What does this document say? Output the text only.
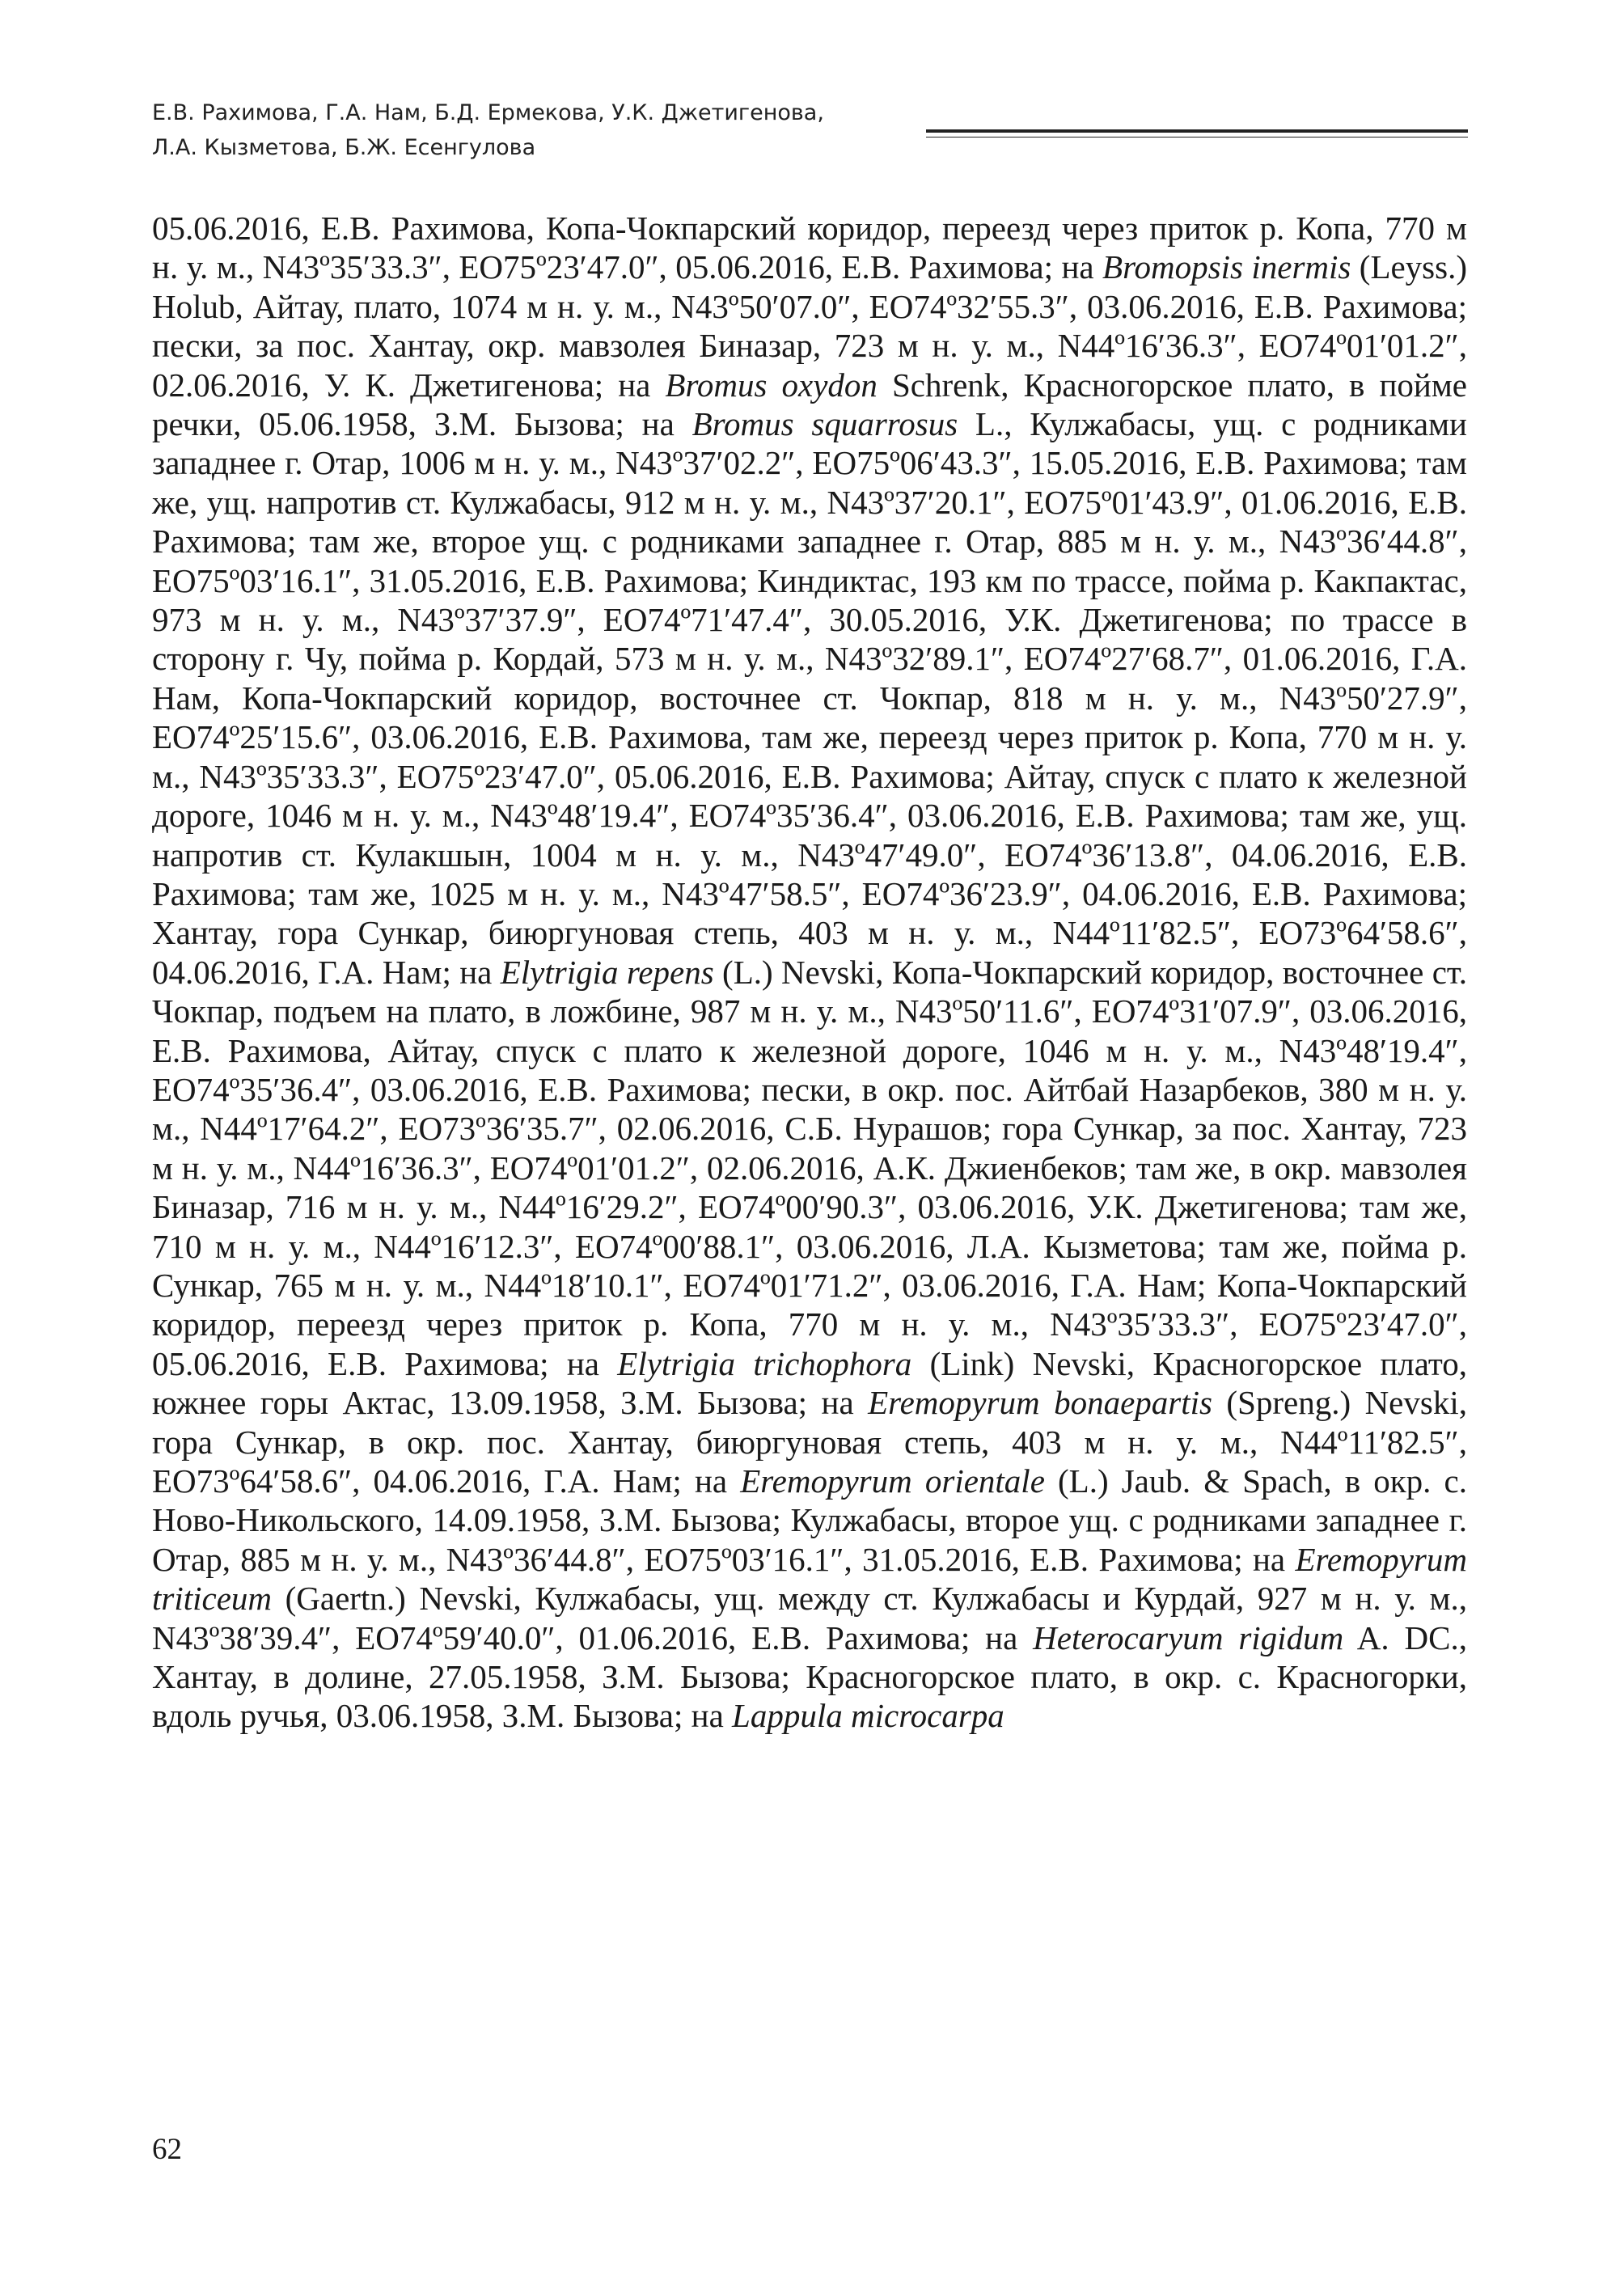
Е.В. Рахимова, Г.А. Нам, Б.Д. Ермекова, У.К. Джетигенова,
Л.А. Кызметова, Б.Ж. Есенгулова
05.06.2016, Е.В. Рахимова, Копа-Чокпарский коридор, переезд через приток р. Копа, 770 м н. у. м., N43º35′33.3″, EO75º23′47.0″, 05.06.2016, Е.В. Рахимова; на Bromopsis inermis (Leyss.) Holub, Айтау, плато, 1074 м н. у. м., N43º50′07.0″, EO74º32′55.3″, 03.06.2016, Е.В. Рахимова; пески, за пос. Хантау, окр. мавзолея Биназар, 723 м н. у. м., N44º16′36.3″, EO74º01′01.2″, 02.06.2016, У. К. Джетигенова; на Bromus oxydon Schrenk, Красногорское плато, в пойме речки, 05.06.1958, З.М. Бызова; на Bromus squarrosus L., Кулжабасы, ущ. с родниками западнее г. Отар, 1006 м н. у. м., N43º37′02.2″, EO75º06′43.3″, 15.05.2016, Е.В. Рахимова; там же, ущ. напротив ст. Кулжабасы, 912 м н. у. м., N43º37′20.1″, EO75º01′43.9″, 01.06.2016, Е.В. Рахимова; там же, второе ущ. с родниками западнее г. Отар, 885 м н. у. м., N43º36′44.8″, EO75º03′16.1″, 31.05.2016, Е.В. Рахимова; Киндиктас, 193 км по трассе, пойма р. Какпактас, 973 м н. у. м., N43º37′37.9″, EO74º71′47.4″, 30.05.2016, У.К. Джетигенова; по трассе в сторону г. Чу, пойма р. Кордай, 573 м н. у. м., N43º32′89.1″, EO74º27′68.7″, 01.06.2016, Г.А. Нам, Копа-Чокпарский коридор, восточнее ст. Чокпар, 818 м н. у. м., N43º50′27.9″, EO74º25′15.6″, 03.06.2016, Е.В. Рахимова, там же, переезд через приток р. Копа, 770 м н. у. м., N43º35′33.3″, EO75º23′47.0″, 05.06.2016, Е.В. Рахимова; Айтау, спуск с плато к железной дороге, 1046 м н. у. м., N43º48′19.4″, EO74º35′36.4″, 03.06.2016, Е.В. Рахимова; там же, ущ. напротив ст. Кулакшын, 1004 м н. у. м., N43º47′49.0″, EO74º36′13.8″, 04.06.2016, Е.В. Рахимова; там же, 1025 м н. у. м., N43º47′58.5″, EO74º36′23.9″, 04.06.2016, Е.В. Рахимова; Хантау, гора Сункар, биюргуновая степь, 403 м н. у. м., N44º11′82.5″, EO73º64′58.6″, 04.06.2016, Г.А. Нам; на Elytrigia repens (L.) Nevski, Копа-Чокпарский коридор, восточнее ст. Чокпар, подъем на плато, в ложбине, 987 м н. у. м., N43º50′11.6″, EO74º31′07.9″, 03.06.2016, Е.В. Рахимова, Айтау, спуск с плато к железной дороге, 1046 м н. у. м., N43º48′19.4″, EO74º35′36.4″, 03.06.2016, Е.В. Рахимова; пески, в окр. пос. Айтбай Назарбеков, 380 м н. у. м., N44º17′64.2″, EO73º36′35.7″, 02.06.2016, С.Б. Нурашов; гора Сункар, за пос. Хантау, 723 м н. у. м., N44º16′36.3″, EO74º01′01.2″, 02.06.2016, А.К. Джиенбеков; там же, в окр. мавзолея Биназар, 716 м н. у. м., N44º16′29.2″, EO74º00′90.3″, 03.06.2016, У.К. Джетигенова; там же, 710 м н. у. м., N44º16′12.3″, EO74º00′88.1″, 03.06.2016, Л.А. Кызметова; там же, пойма р. Сункар, 765 м н. у. м., N44º18′10.1″, EO74º01′71.2″, 03.06.2016, Г.А. Нам; Копа-Чокпарский коридор, переезд через приток р. Копа, 770 м н. у. м., N43º35′33.3″, EO75º23′47.0″, 05.06.2016, Е.В. Рахимова; на Elytrigia trichophora (Link) Nevski, Красногорское плато, южнее горы Актас, 13.09.1958, З.М. Бызова; на Eremopyrum bonaepartis (Spreng.) Nevski, гора Сункар, в окр. пос. Хантау, биюргуновая степь, 403 м н. у. м., N44º11′82.5″, EO73º64′58.6″, 04.06.2016, Г.А. Нам; на Eremopyrum orientale (L.) Jaub. & Spach, в окр. с. Ново-Никольского, 14.09.1958, З.М. Бызова; Кулжабасы, второе ущ. с родниками западнее г. Отар, 885 м н. у. м., N43º36′44.8″, EO75º03′16.1″, 31.05.2016, Е.В. Рахимова; на Eremopyrum triticeum (Gaertn.) Nevski, Кулжабасы, ущ. между ст. Кулжабасы и Курдай, 927 м н. у. м., N43º38′39.4″, EO74º59′40.0″, 01.06.2016, Е.В. Рахимова; на Heterocaryum rigidum A. DC., Хантау, в долине, 27.05.1958, З.М. Бызова; Красногорское плато, в окр. с. Красногорки, вдоль ручья, 03.06.1958, З.М. Бызова; на Lappula microcarpa
62
